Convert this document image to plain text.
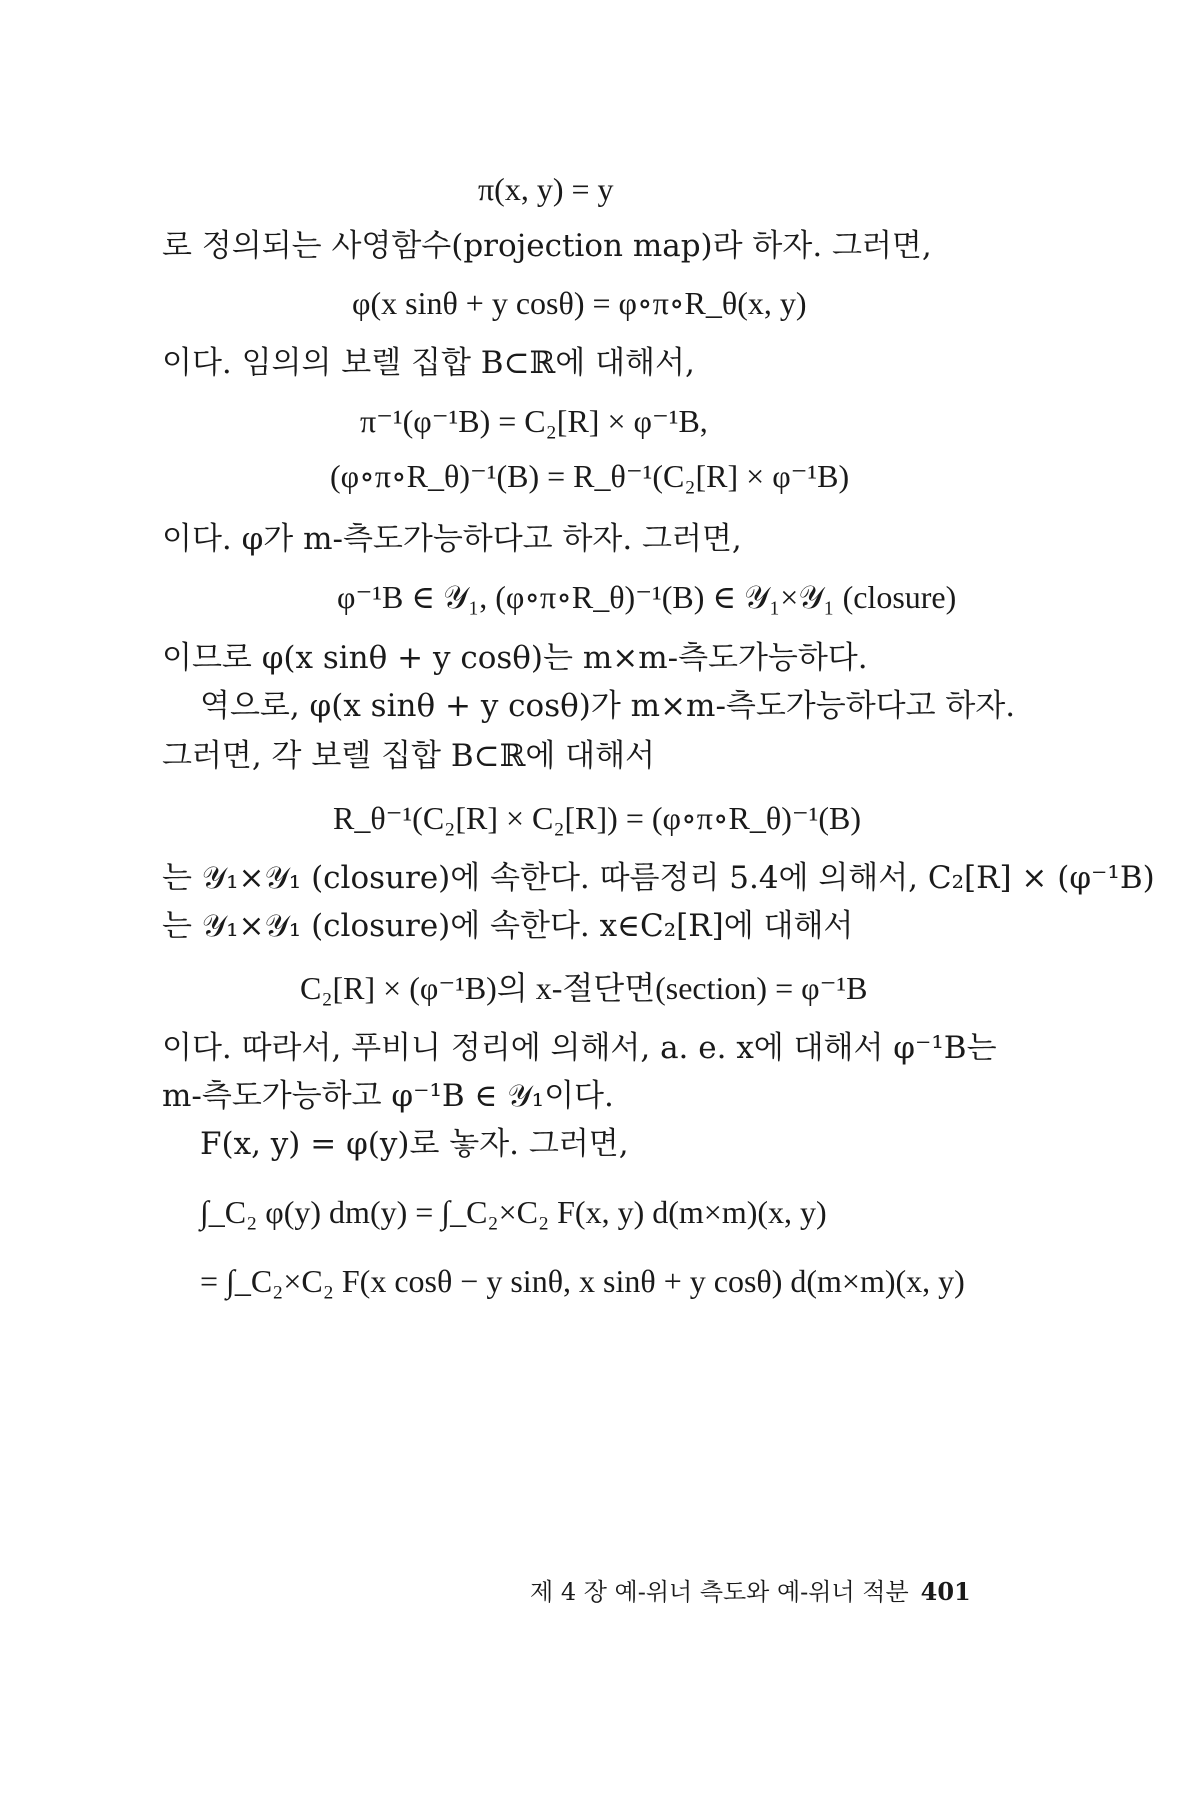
π(x, y) = y
로 정의되는 사영함수(projection map)라 하자. 그러면,
φ(x sinθ + y cosθ) = φ∘π∘R_θ(x, y)
이다. 임의의 보렐 집합 B⊂ℝ에 대해서,
π⁻¹(φ⁻¹B) = C₂[R] × φ⁻¹B,
(φ∘π∘R_θ)⁻¹(B) = R_θ⁻¹(C₂[R] × φ⁻¹B)
이다. φ가 m-측도가능하다고 하자. 그러면,
φ⁻¹B ∈ 𝒴₁, (φ∘π∘R_θ)⁻¹(B) ∈ 𝒴₁×𝒴₁ (closure)
이므로 φ(x sinθ + y cosθ)는 m×m-측도가능하다.
역으로, φ(x sinθ + y cosθ)가 m×m-측도가능하다고 하자.
그러면, 각 보렐 집합 B⊂ℝ에 대해서
R_θ⁻¹(C₂[R] × C₂[R]) = (φ∘π∘R_θ)⁻¹(B)
는 𝒴₁×𝒴₁ (closure)에 속한다. 따름정리 5.4에 의해서, C₂[R] × (φ⁻¹B)
는 𝒴₁×𝒴₁ (closure)에 속한다. x∈C₂[R]에 대해서
C₂[R] × (φ⁻¹B)의 x-절단면(section) = φ⁻¹B
이다. 따라서, 푸비니 정리에 의해서, a. e. x에 대해서 φ⁻¹B는
m-측도가능하고 φ⁻¹B ∈ 𝒴₁이다.
F(x, y) = φ(y)로 놓자. 그러면,
∫_C₂ φ(y) dm(y) = ∫_C₂×C₂ F(x, y) d(m×m)(x, y)
= ∫_C₂×C₂ F(x cosθ − y sinθ, x sinθ + y cosθ) d(m×m)(x, y)
제 4 장 예-위너 측도와 예-위너 적분 401
